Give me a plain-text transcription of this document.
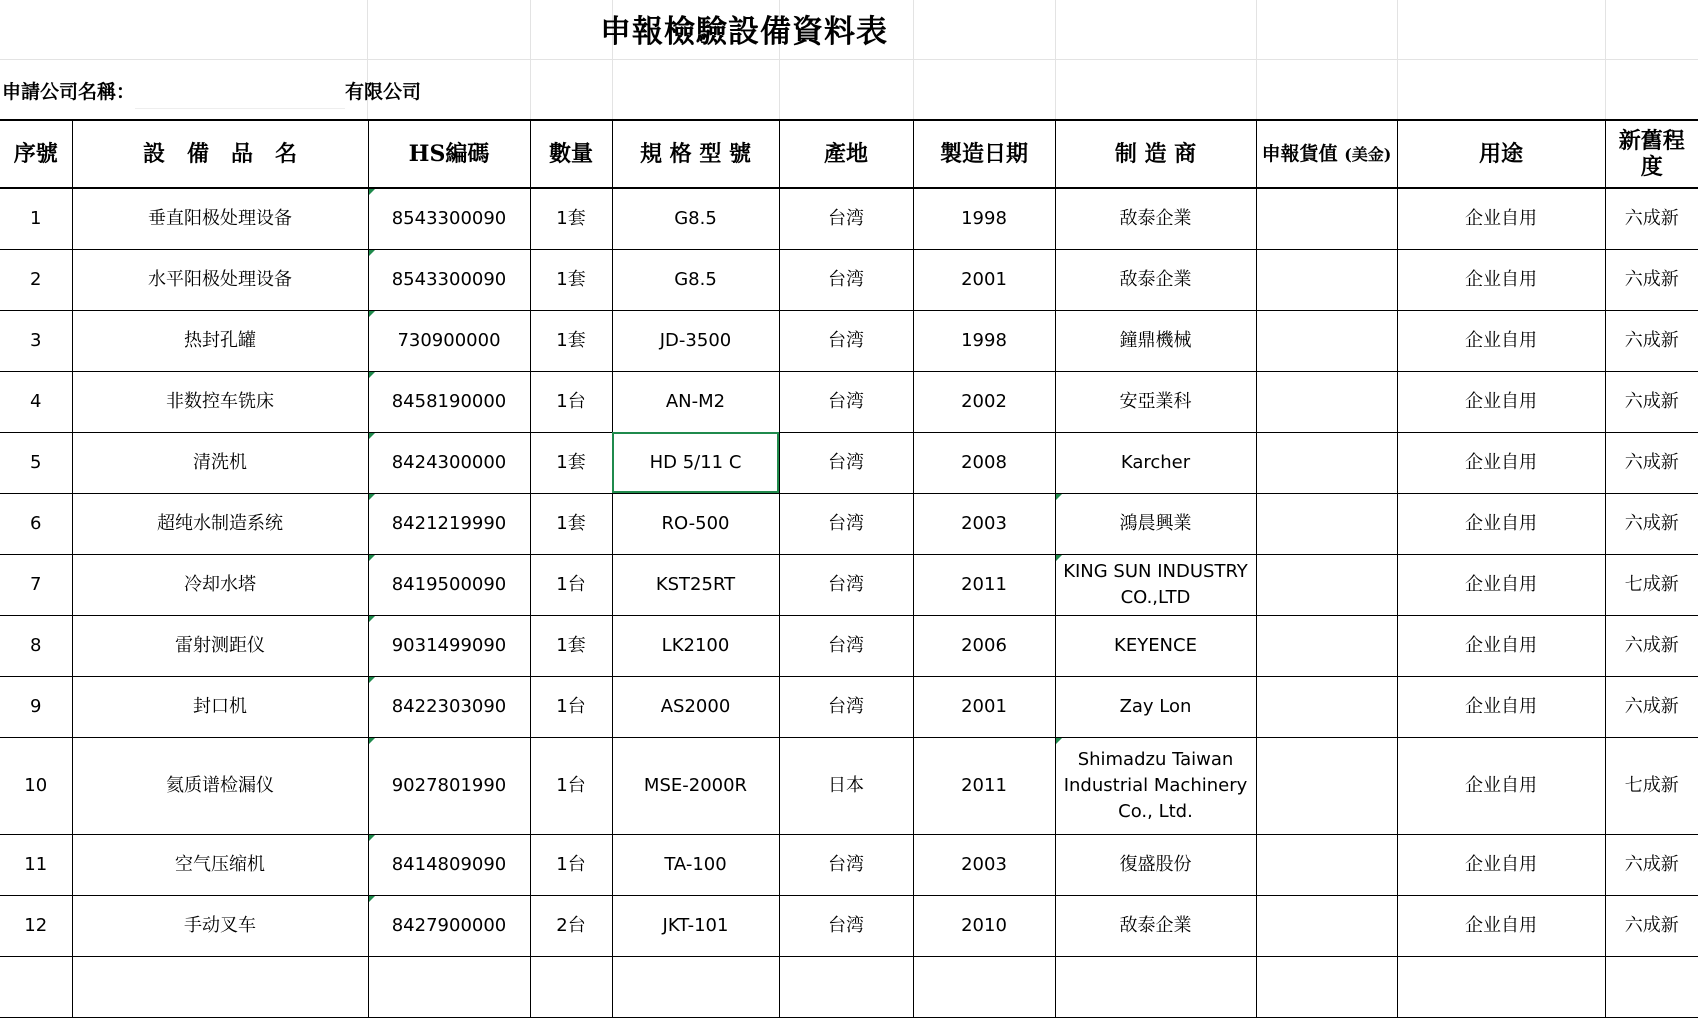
申報檢驗設備資料表
申請公司名稱：	有限公司
序號	設　備　品　名	HS編碼	數量	規 格 型 號	產地	製造日期	制 造 商	申報貨值 (美金)	用途	新舊程度
1	垂直阳极处理设备	8543300090	1套	G8.5	台湾	1998	敌泰企業		企业自用	六成新
2	水平阳极处理设备	8543300090	1套	G8.5	台湾	2001	敌泰企業		企业自用	六成新
3	热封孔罐	730900000	1套	JD-3500	台湾	1998	鐘鼎機械		企业自用	六成新
4	非数控车铣床	8458190000	1台	AN-M2	台湾	2002	安亞業科		企业自用	六成新
5	清洗机	8424300000	1套	HD 5/11 C	台湾	2008	Karcher		企业自用	六成新
6	超纯水制造系统	8421219990	1套	RO-500	台湾	2003	鴻晨興業		企业自用	六成新
7	冷却水塔	8419500090	1台	KST25RT	台湾	2011	KING SUN INDUSTRY CO.,LTD		企业自用	七成新
8	雷射测距仪	9031499090	1套	LK2100	台湾	2006	KEYENCE		企业自用	六成新
9	封口机	8422303090	1台	AS2000	台湾	2001	Zay Lon		企业自用	六成新
10	氦质谱检漏仪	9027801990	1台	MSE-2000R	日本	2011	Shimadzu Taiwan Industrial Machinery Co., Ltd.		企业自用	七成新
11	空气压缩机	8414809090	1台	TA-100	台湾	2003	復盛股份		企业自用	六成新
12	手动叉车	8427900000	2台	JKT-101	台湾	2010	敌泰企業		企业自用	六成新
